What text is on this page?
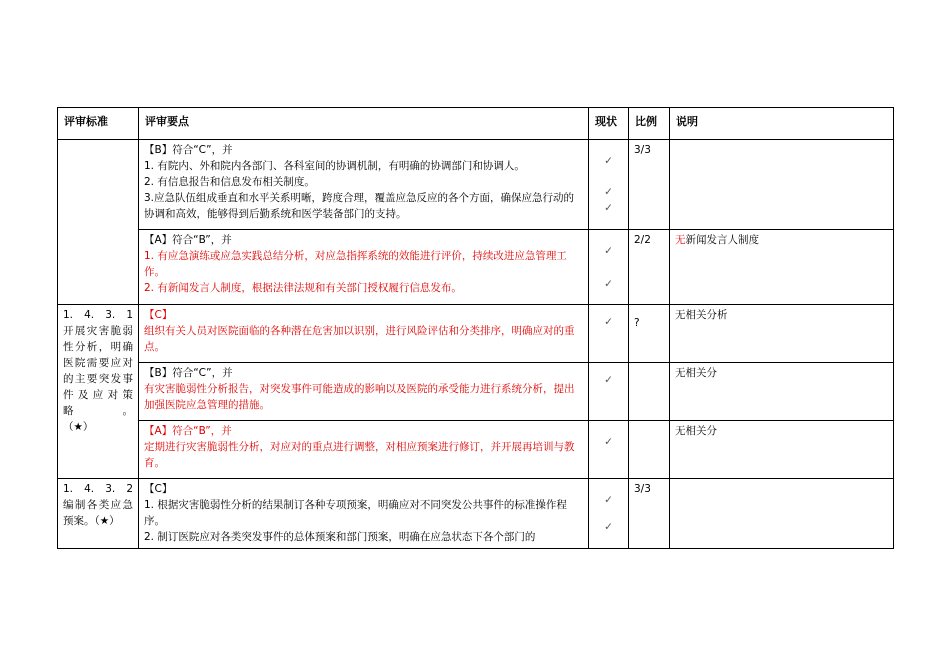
评审标准	评审要点	现状	比例	说明

	【B】符合“C”，并
1. 有院内、外和院内各部门、各科室间的协调机制，有明确的协调部门和协调人。
2. 有信息报告和信息发布相关制度。
3.应急队伍组成垂直和水平关系明晰，跨度合理，覆盖应急反应的各个方面，确保应急行动的协调和高效，能够得到后勤系统和医学装备部门的支持。	✓
✓
✓	3/3	

	【A】符合“B”，并
1. 有应急演练或应急实践总结分析，对应急指挥系统的效能进行评价，持续改进应急管理工作。
2. 有新闻发言人制度，根据法律法规和有关部门授权履行信息发布。	✓
✓	2/2	无新闻发言人制度

1. 4. 3. 1
开展灾害脆弱性分析，明确医院需要应对的主要突发事件及应对策略。
（★）	【C】
组织有关人员对医院面临的各种潜在危害加以识别，进行风险评估和分类排序，明确应对的重点。	✓	?	无相关分析

	【B】符合“C”，并
有灾害脆弱性分析报告，对突发事件可能造成的影响以及医院的承受能力进行系统分析，提出加强医院应急管理的措施。	✓		无相关分

	【A】符合“B”，并
定期进行灾害脆弱性分析，对应对的重点进行调整，对相应预案进行修订，并开展再培训与教育。	✓		无相关分

1. 4. 3. 2
编制各类应急预案。（★）	【C】
1. 根据灾害脆弱性分析的结果制订各种专项预案，明确应对不同突发公共事件的标准操作程序。
2. 制订医院应对各类突发事件的总体预案和部门预案，明确在应急状态下各个部门的	✓
✓	3/3	
